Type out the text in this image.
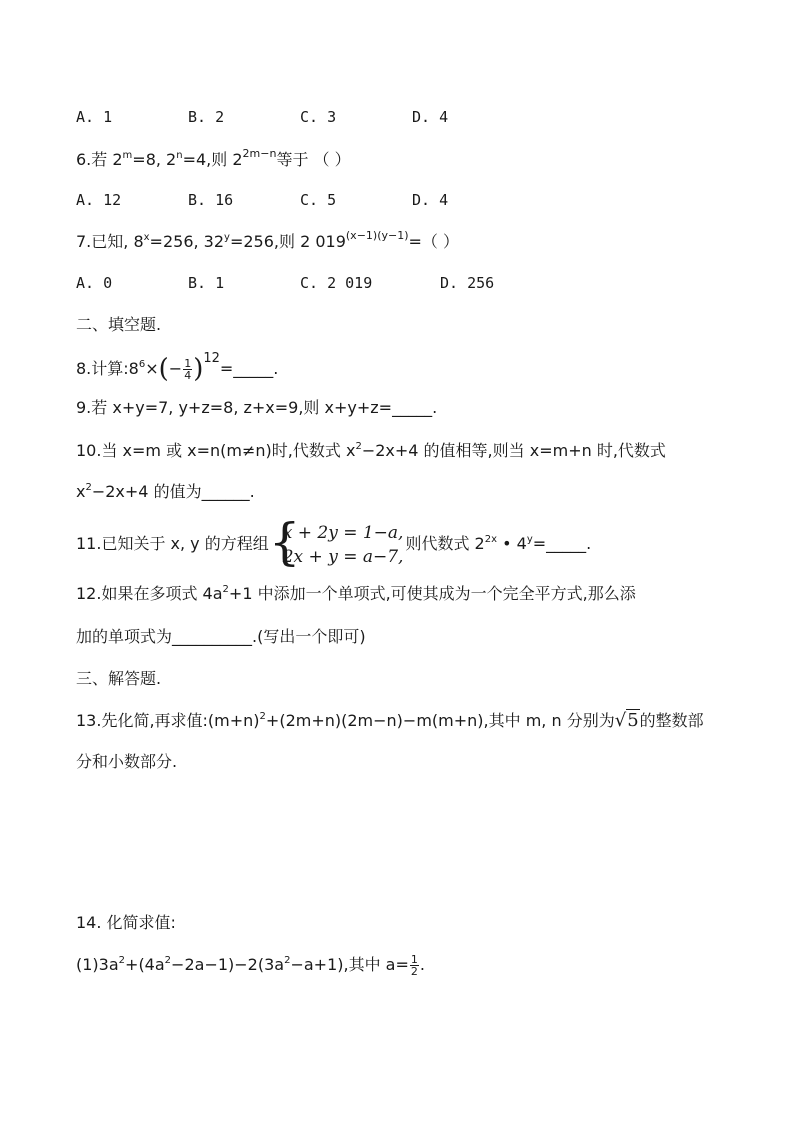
A. 1	B. 2	C. 3	D. 4
6.若 $2^m=8$, $2^n=4$,则 $2^{2m-n}$等于 （ ）
A. 12	B. 16	C. 5	D. 4
7.已知, $8^x=256$, $32^y=256$,则 2 $019^{(x-1)(y-1)}=$（ ）
A. 0	B. 1	C. 2 019	D. 256
二、填空题.
8.计算$:8^6\times(- \frac{1}{4}$ )$^{12}$=_____.
9.若 x+y=7, y+z=8, z+x=9,则 x+y+z=_____.
10.当 x=m 或 x=n(m≠n)时,代数式 $x^2-2x+4$ 的值相等,则当 x=m+n 时,代数式
$x^2-2x+4$ 的值为______.
11.已知关于 x, y 的方程组 {
x + 2y = 1−a,
2x + y = a−7,
则代数式 $2^{2x}$ • $4^y=\_\_\_\_\_$.
12.如果在多项式 $4a^2+1$ 中添加一个单项式,可使其成为一个完全平方式,那么添
加的单项式为__________.(写出一个即可)
三、解答题.
13.先化简,再求值$:(m+n)^2+(2m+n)(2m-n)-m(m+n)$,其中 m, n 分别为√5的整数部
分和小数部分.
14. 化简求值:
$(1)3a^2+(4a^2-2a-1)-2(3a^2-a+1)$,其中 $a= \frac{1}{2}$ .
